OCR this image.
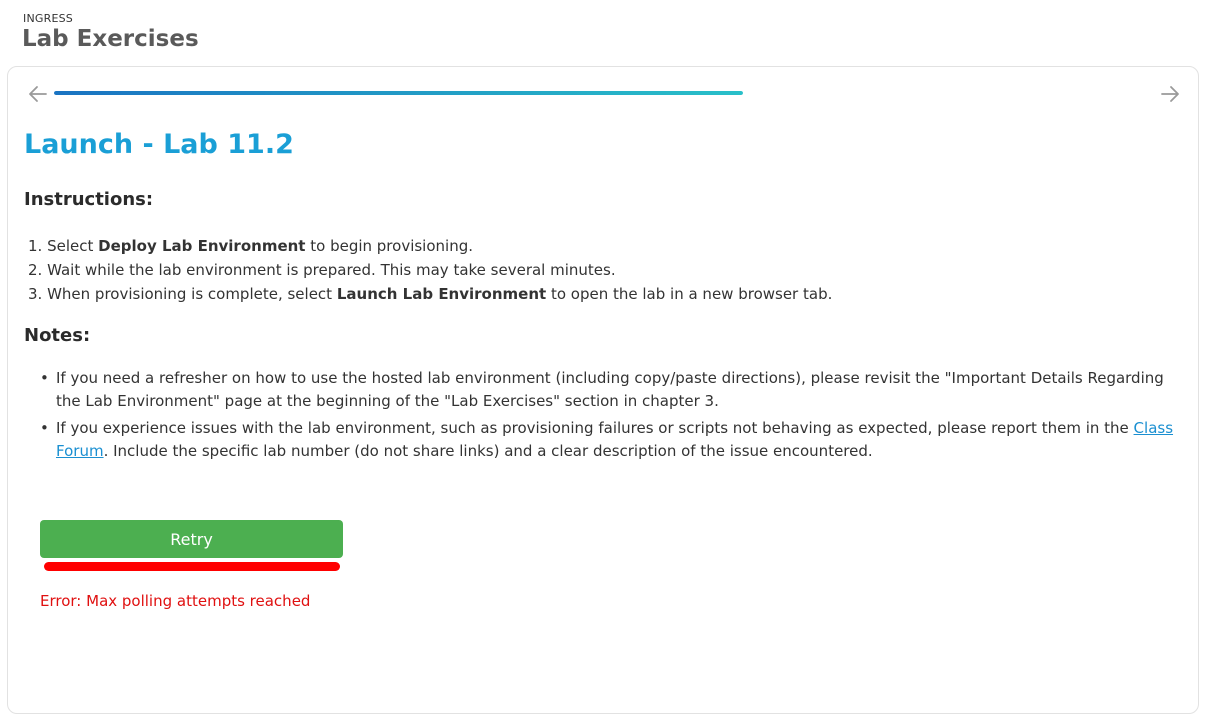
INGRESS
Lab Exercises
Launch - Lab 11.2
Instructions:
1. Select Deploy Lab Environment to begin provisioning.
2. Wait while the lab environment is prepared. This may take several minutes.
3. When provisioning is complete, select Launch Lab Environment to open the lab in a new browser tab.
Notes:
• If you need a refresher on how to use the hosted lab environment (including copy/paste directions), please revisit the "Important Details Regarding the Lab Environment" page at the beginning of the "Lab Exercises" section in chapter 3.
• If you experience issues with the lab environment, such as provisioning failures or scripts not behaving as expected, please report them in the Class Forum. Include the specific lab number (do not share links) and a clear description of the issue encountered.
Retry
Error: Max polling attempts reached
